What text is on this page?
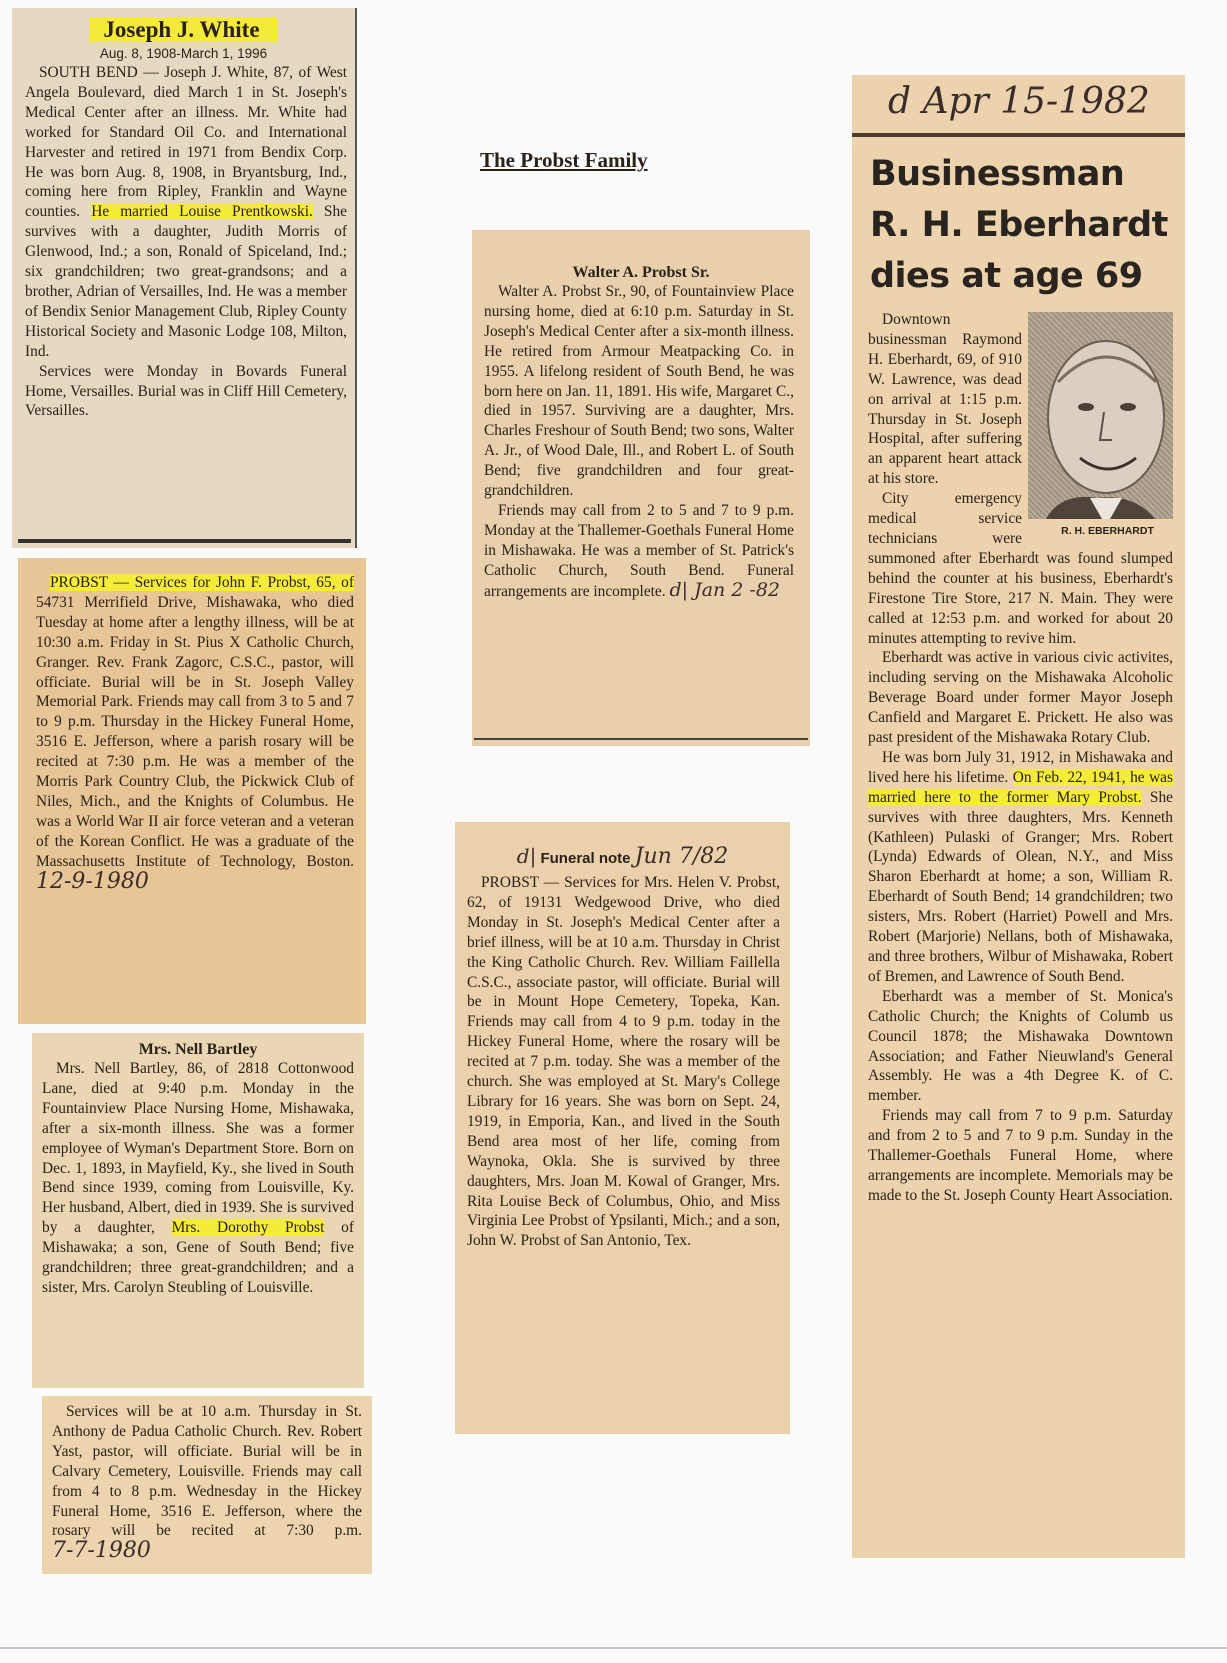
The Probst Family

Joseph J. White

Aug. 8, 1908-March 1, 1996

SOUTH BEND — Joseph J. White, 87, of West Angela Boulevard, died March 1 in St. Joseph's Medical Center after an illness. Mr. White had worked for Standard Oil Co. and International Harvester and retired in 1971 from Bendix Corp. He was born Aug. 8, 1908, in Bryantsburg, Ind., coming here from Ripley, Franklin and Wayne counties. He married Louise Prentkowski. She survives with a daughter, Judith Morris of Glenwood, Ind.; a son, Ronald of Spiceland, Ind.; six grandchildren; two great-grandsons; and a brother, Adrian of Versailles, Ind. He was a member of Bendix Senior Management Club, Ripley County Historical Society and Masonic Lodge 108, Milton, Ind.

Services were Monday in Bovards Funeral Home, Versailles. Burial was in Cliff Hill Cemetery, Versailles.

PROBST — Services for John F. Probst, 65, of 54731 Merrifield Drive, Mishawaka, who died Tuesday at home after a lengthy illness, will be at 10:30 a.m. Friday in St. Pius X Catholic Church, Granger. Rev. Frank Zagorc, C.S.C., pastor, will officiate. Burial will be in St. Joseph Valley Memorial Park. Friends may call from 3 to 5 and 7 to 9 p.m. Thursday in the Hickey Funeral Home, 3516 E. Jefferson, where a parish rosary will be recited at 7:30 p.m. He was a member of the Morris Park Country Club, the Pickwick Club of Niles, Mich., and the Knights of Columbus. He was a World War II air force veteran and a veteran of the Korean Conflict. He was a graduate of the Massachusetts Institute of Technology, Boston. 12-9-1980

Mrs. Nell Bartley

Mrs. Nell Bartley, 86, of 2818 Cottonwood Lane, died at 9:40 p.m. Monday in the Fountainview Place Nursing Home, Mishawaka, after a six-month illness. She was a former employee of Wyman's Department Store. Born on Dec. 1, 1893, in Mayfield, Ky., she lived in South Bend since 1939, coming from Louisville, Ky. Her husband, Albert, died in 1939. She is survived by a daughter, Mrs. Dorothy Probst of Mishawaka; a son, Gene of South Bend; five grandchildren; three great-grandchildren; and a sister, Mrs. Carolyn Steubling of Louisville.

Services will be at 10 a.m. Thursday in St. Anthony de Padua Catholic Church. Rev. Robert Yast, pastor, will officiate. Burial will be in Calvary Cemetery, Louisville. Friends may call from 4 to 8 p.m. Wednesday in the Hickey Funeral Home, 3516 E. Jefferson, where the rosary will be recited at 7:30 p.m. 7-7-1980

Walter A. Probst Sr.

Walter A. Probst Sr., 90, of Fountainview Place nursing home, died at 6:10 p.m. Saturday in St. Joseph's Medical Center after a six-month illness. He retired from Armour Meatpacking Co. in 1955. A lifelong resident of South Bend, he was born here on Jan. 11, 1891. His wife, Margaret C., died in 1957. Surviving are a daughter, Mrs. Charles Freshour of South Bend; two sons, Walter A. Jr., of Wood Dale, Ill., and Robert L. of South Bend; five grandchildren and four great-grandchildren.

Friends may call from 2 to 5 and 7 to 9 p.m. Monday at the Thallemer-Goethals Funeral Home in Mishawaka. He was a member of St. Patrick's Catholic Church, South Bend. Funeral arrangements are incomplete. d| Jan 2 -82

d| Funeral note Jun 7/82

PROBST — Services for Mrs. Helen V. Probst, 62, of 19131 Wedgewood Drive, who died Monday in St. Joseph's Medical Center after a brief illness, will be at 10 a.m. Thursday in Christ the King Catholic Church. Rev. William Faillella C.S.C., associate pastor, will officiate. Burial will be in Mount Hope Cemetery, Topeka, Kan. Friends may call from 4 to 9 p.m. today in the Hickey Funeral Home, where the rosary will be recited at 7 p.m. today. She was a member of the church. She was employed at St. Mary's College Library for 16 years. She was born on Sept. 24, 1919, in Emporia, Kan., and lived in the South Bend area most of her life, coming from Waynoka, Okla. She is survived by three daughters, Mrs. Joan M. Kowal of Granger, Mrs. Rita Louise Beck of Columbus, Ohio, and Miss Virginia Lee Probst of Ypsilanti, Mich.; and a son, John W. Probst of San Antonio, Tex.

d Apr 15-1982

Businessman
R. H. Eberhardt
dies at age 69

R. H. EBERHARDT
Downtown businessman Raymond H. Eberhardt, 69, of 910 W. Lawrence, was dead on arrival at 1:15 p.m. Thursday in St. Joseph Hospital, after suffering an apparent heart attack at his store.

City emergency medical service technicians were summoned after Eberhardt was found slumped behind the counter at his business, Eberhardt's Firestone Tire Store, 217 N. Main. They were called at 12:53 p.m. and worked for about 20 minutes attempting to revive him.

Eberhardt was active in various civic activites, including serving on the Mishawaka Alcoholic Beverage Board under former Mayor Joseph Canfield and Margaret E. Prickett. He also was past president of the Mishawaka Rotary Club.

He was born July 31, 1912, in Mishawaka and lived here his lifetime. On Feb. 22, 1941, he was married here to the former Mary Probst. She survives with three daughters, Mrs. Kenneth (Kathleen) Pulaski of Granger; Mrs. Robert (Lynda) Edwards of Olean, N.Y., and Miss Sharon Eberhardt at home; a son, William R. Eberhardt of South Bend; 14 grandchildren; two sisters, Mrs. Robert (Harriet) Powell and Mrs. Robert (Marjorie) Nellans, both of Mishawaka, and three brothers, Wilbur of Mishawaka, Robert of Bremen, and Lawrence of South Bend.

Eberhardt was a member of St. Monica's Catholic Church; the Knights of Columb us Council 1878; the Mishawaka Downtown Association; and Father Nieuwland's General Assembly. He was a 4th Degree K. of C. member.

Friends may call from 7 to 9 p.m. Saturday and from 2 to 5 and 7 to 9 p.m. Sunday in the Thallemer-Goethals Funeral Home, where arrangements are incomplete. Memorials may be made to the St. Joseph County Heart Association.
